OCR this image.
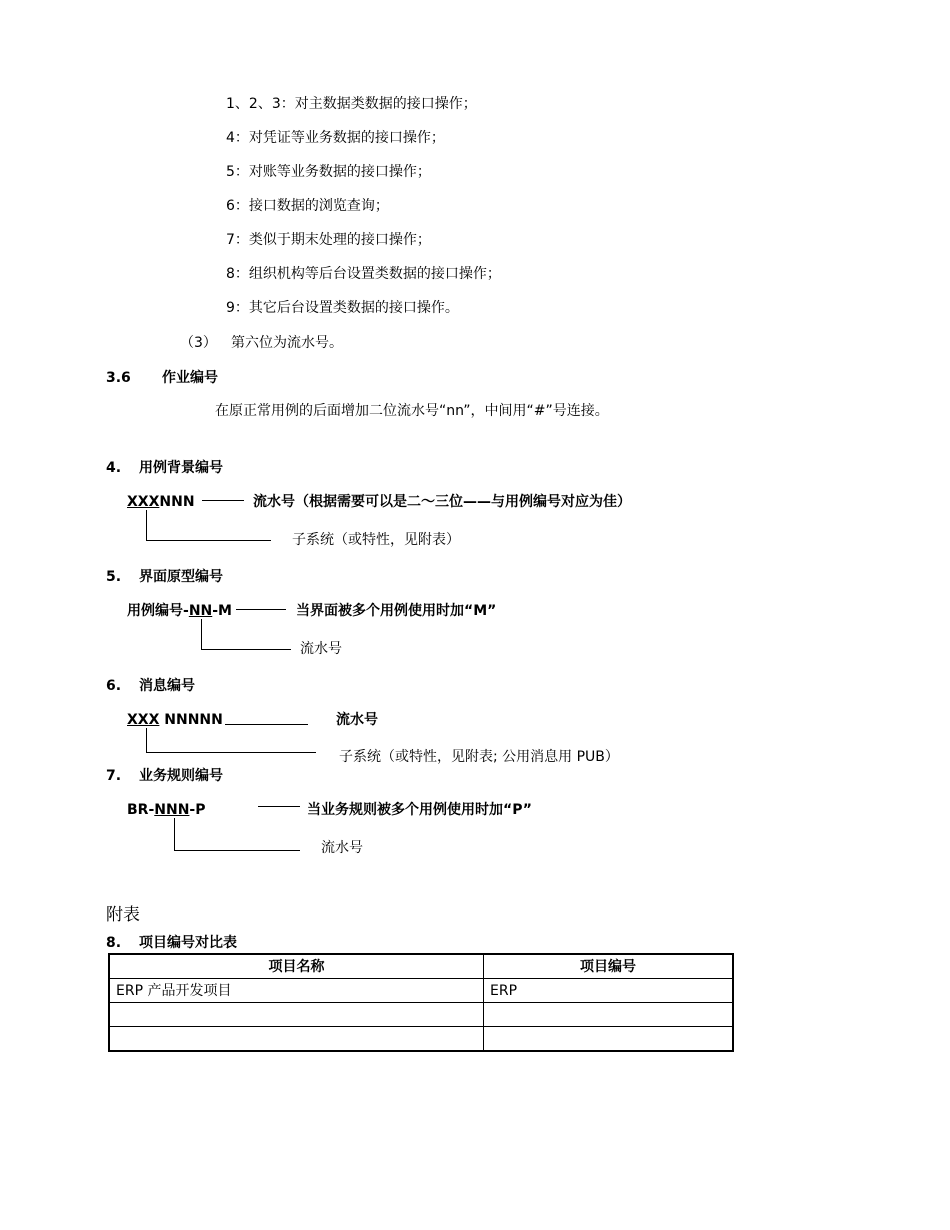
1、2、3：对主数据类数据的接口操作；
4：对凭证等业务数据的接口操作；
5：对账等业务数据的接口操作；
6：接口数据的浏览查询；
7：类似于期末处理的接口操作；
8：组织机构等后台设置类数据的接口操作；
9：其它后台设置类数据的接口操作。
（3） 第六位为流水号。
3.6 作业编号
在原正常用例的后面增加二位流水号“nn”，中间用“#”号连接。
4. 用例背景编号
XXXNNN	流水号（根据需要可以是二～三位——与用例编号对应为佳）
子系统（或特性，见附表）
5. 界面原型编号
用例编号-NN-M	当界面被多个用例使用时加“M”
流水号
6. 消息编号
XXX NNNNN	流水号
子系统（或特性，见附表; 公用消息用 PUB）
7. 业务规则编号
BR-NNN-P	当业务规则被多个用例使用时加“P”
流水号
附表
8. 项目编号对比表
项目名称	项目编号
ERP 产品开发项目	ERP
